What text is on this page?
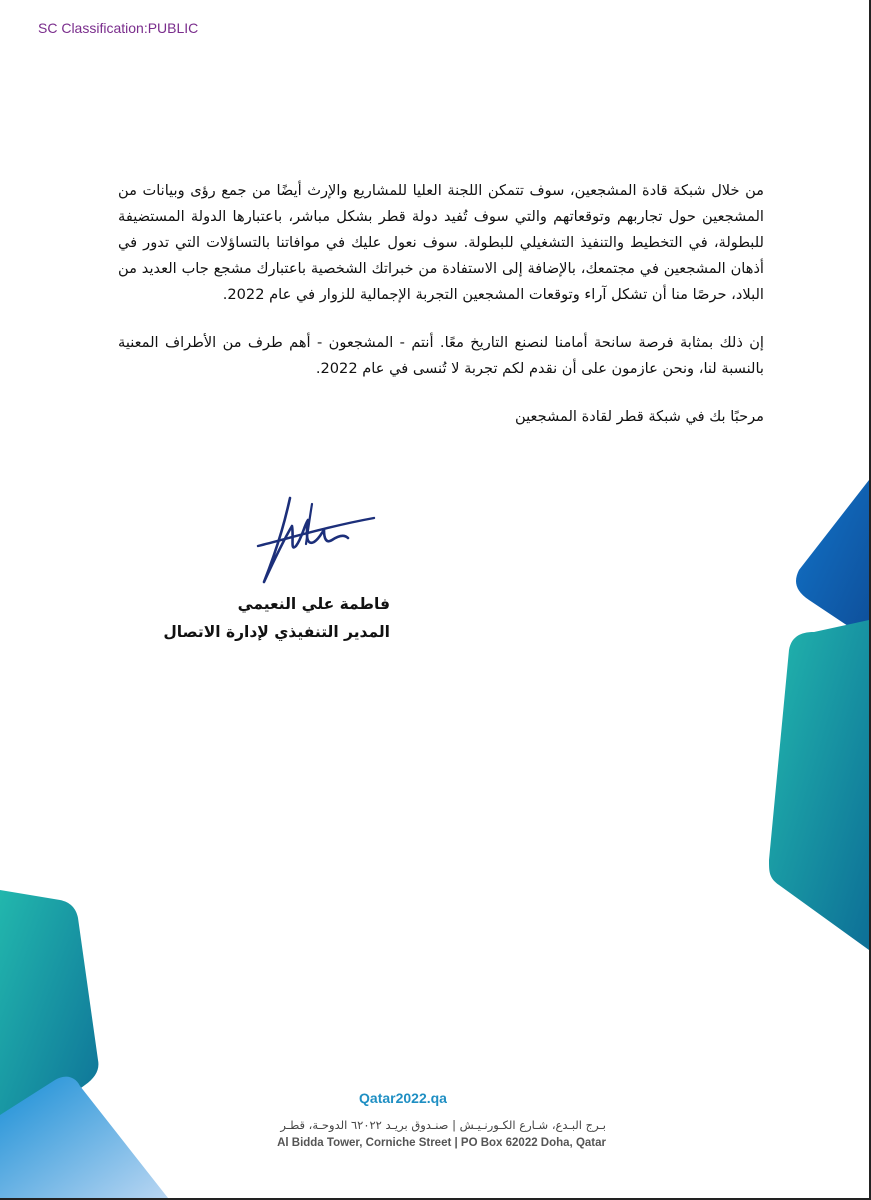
SC Classification:PUBLIC

من خلال شبكة قادة المشجعين، سوف تتمكن اللجنة العليا للمشاريع والإرث أيضًا من جمع رؤى وبيانات من المشجعين حول تجاربهم وتوقعاتهم والتي سوف تُفيد دولة قطر بشكل مباشر، باعتبارها الدولة المستضيفة للبطولة، في التخطيط والتنفيذ التشغيلي للبطولة. سوف نعول عليك في موافاتنا بالتساؤلات التي تدور في أذهان المشجعين في مجتمعك، بالإضافة إلى الاستفادة من خبراتك الشخصية باعتبارك مشجع جاب العديد من البلاد، حرصًا منا أن تشكل آراء وتوقعات المشجعين التجربة الإجمالية للزوار في عام 2022.

إن ذلك بمثابة فرصة سانحة أمامنا لنصنع التاريخ معًا. أنتم - المشجعون - أهم طرف من الأطراف المعنية بالنسبة لنا، ونحن عازمون على أن نقدم لكم تجربة لا تُنسى في عام 2022.

مرحبًا بك في شبكة قطر لقادة المشجعين

فاطمة علي النعيمي
المدير التنفيذي لإدارة الاتصال
Qatar2022.qa
بـرج البـدع، شـارع الكـورنـيـش | صنـدوق بريـد ٦٢٠٢٢ الدوحـة، قطـر
Al Bidda Tower, Corniche Street | PO Box 62022 Doha, Qatar
